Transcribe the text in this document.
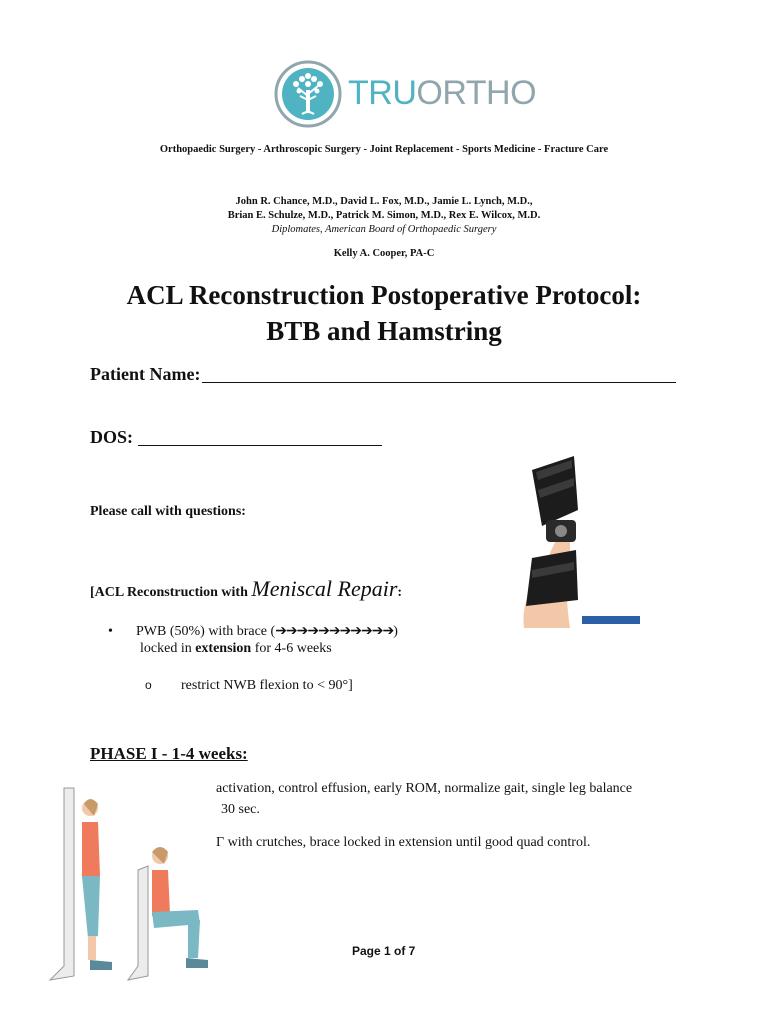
TRUORTHO
Orthopaedic Surgery - Arthroscopic Surgery - Joint Replacement - Sports Medicine - Fracture Care
John R. Chance, M.D., David L. Fox, M.D., Jamie L. Lynch, M.D.,
Brian E. Schulze, M.D., Patrick M. Simon, M.D., Rex E. Wilcox, M.D.
Diplomates, American Board of Orthopaedic Surgery
Kelly A. Cooper, PA-C
ACL Reconstruction Postoperative Protocol:
BTB and Hamstring
Patient Name:
DOS:
Please call with questions:
[ACL Reconstruction with Meniscal Repair:
• PWB (50%) with brace (➔➔➔➔➔➔➔➔➔➔➔)
locked in extension for 4-6 weeks
o restrict NWB flexion to < 90°]
PHASE I - 1-4 weeks:
activation, control effusion, early ROM, normalize gait, single leg balance
30 sec.
Γ with crutches, brace locked in extension until good quad control.
Page 1 of 7
